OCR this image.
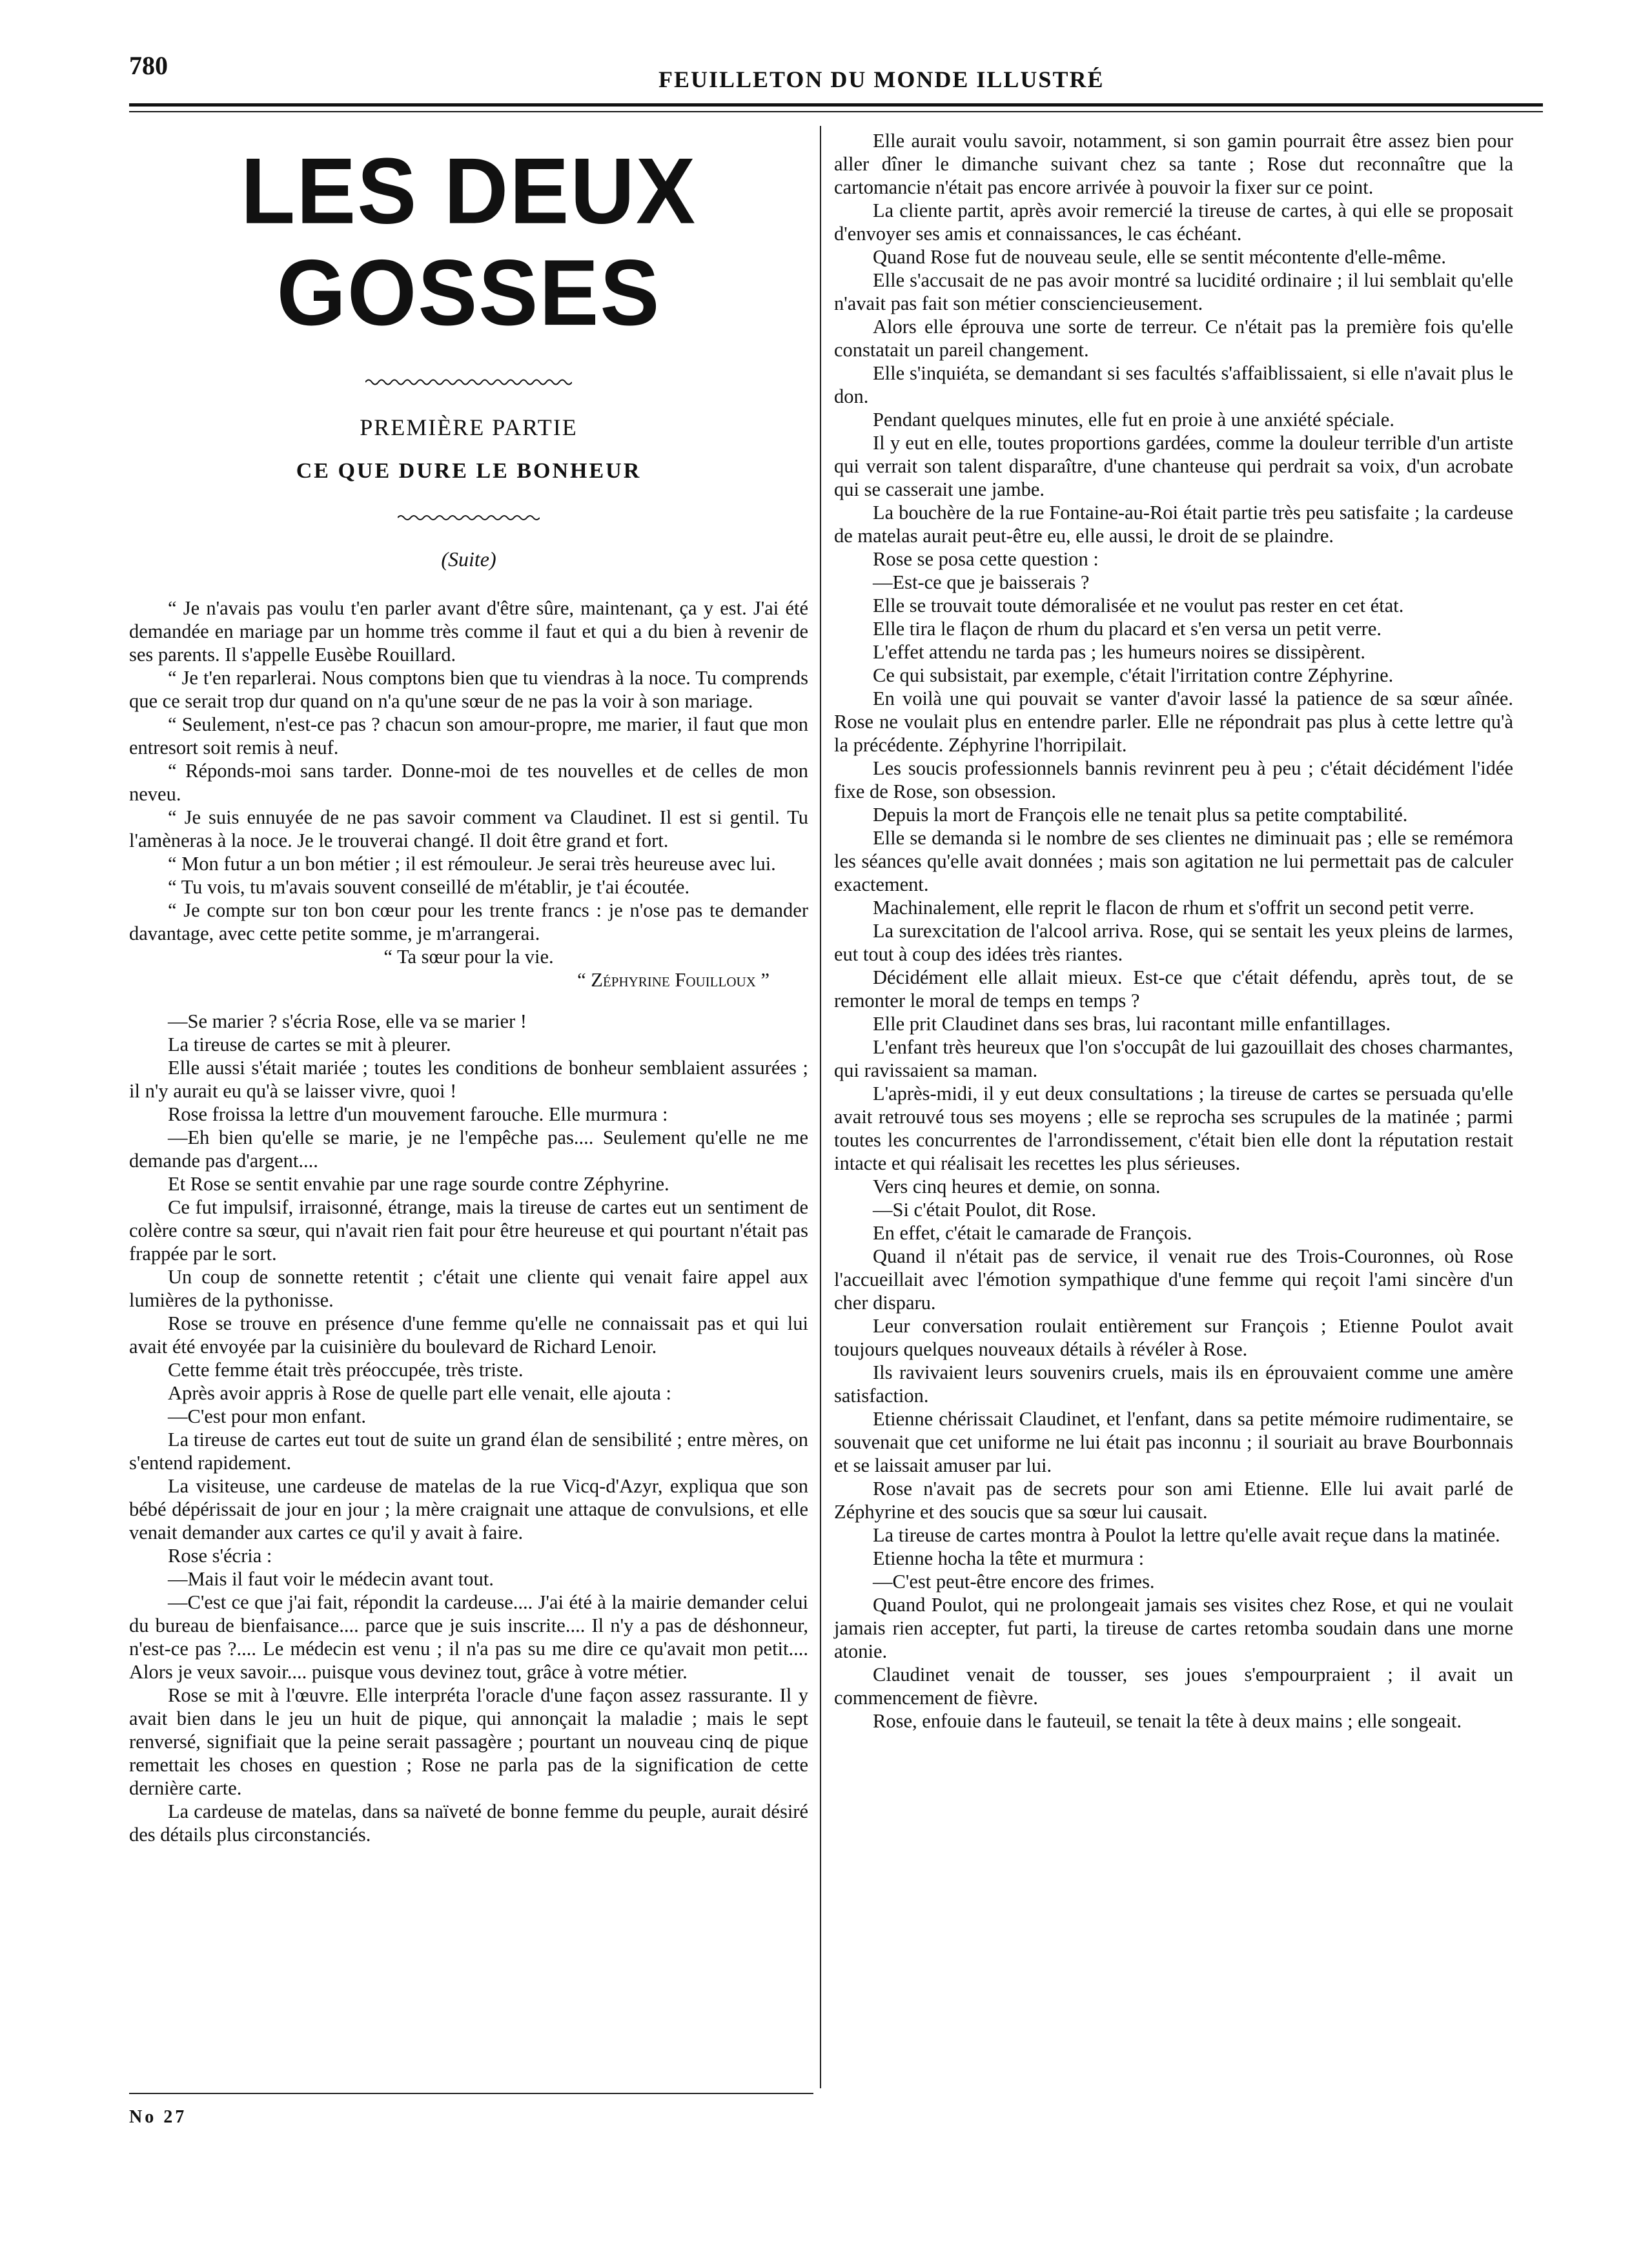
780	FEUILLETON DU MONDE ILLUSTRÉ
LES DEUX GOSSES
PREMIÈRE PARTIE
CE QUE DURE LE BONHEUR
(Suite)

“ Je n'avais pas voulu t'en parler avant d'être sûre, maintenant, ça y est. J'ai été demandée en mariage par un homme très comme il faut et qui a du bien à revenir de ses parents. Il s'appelle Eusèbe Rouillard.

“ Je t'en reparlerai. Nous comptons bien que tu viendras à la noce. Tu comprends que ce serait trop dur quand on n'a qu'une sœur de ne pas la voir à son mariage.

“ Seulement, n'est-ce pas ? chacun son amour-propre, me marier, il faut que mon entresort soit remis à neuf.

“ Réponds-moi sans tarder. Donne-moi de tes nouvelles et de celles de mon neveu.

“ Je suis ennuyée de ne pas savoir comment va Claudinet. Il est si gentil. Tu l'amèneras à la noce. Je le trouverai changé. Il doit être grand et fort.

“ Mon futur a un bon métier ; il est rémouleur. Je serai très heureuse avec lui.

“ Tu vois, tu m'avais souvent conseillé de m'établir, je t'ai écoutée.

“ Je compte sur ton bon cœur pour les trente francs : je n'ose pas te demander davantage, avec cette petite somme, je m'arrangerai.

“ Ta sœur pour la vie.

“ Zéphyrine Fouilloux ”

—Se marier ? s'écria Rose, elle va se marier !

La tireuse de cartes se mit à pleurer.

Elle aussi s'était mariée ; toutes les conditions de bonheur semblaient assurées ; il n'y aurait eu qu'à se laisser vivre, quoi !

Rose froissa la lettre d'un mouvement farouche. Elle murmura :

—Eh bien qu'elle se marie, je ne l'empêche pas.... Seulement qu'elle ne me demande pas d'argent....

Et Rose se sentit envahie par une rage sourde contre Zéphyrine.

Ce fut impulsif, irraisonné, étrange, mais la tireuse de cartes eut un sentiment de colère contre sa sœur, qui n'avait rien fait pour être heureuse et qui pourtant n'était pas frappée par le sort.

Un coup de sonnette retentit ; c'était une cliente qui venait faire appel aux lumières de la pythonisse.

Rose se trouve en présence d'une femme qu'elle ne connaissait pas et qui lui avait été envoyée par la cuisinière du boulevard de Richard Lenoir.

Cette femme était très préoccupée, très triste.

Après avoir appris à Rose de quelle part elle venait, elle ajouta :

—C'est pour mon enfant.

La tireuse de cartes eut tout de suite un grand élan de sensibilité ; entre mères, on s'entend rapidement.

La visiteuse, une cardeuse de matelas de la rue Vicq-d'Azyr, expliqua que son bébé dépérissait de jour en jour ; la mère craignait une attaque de convulsions, et elle venait demander aux cartes ce qu'il y avait à faire.

Rose s'écria :

—Mais il faut voir le médecin avant tout.

—C'est ce que j'ai fait, répondit la cardeuse.... J'ai été à la mairie demander celui du bureau de bienfaisance.... parce que je suis inscrite.... Il n'y a pas de déshonneur, n'est-ce pas ?.... Le médecin est venu ; il n'a pas su me dire ce qu'avait mon petit.... Alors je veux savoir.... puisque vous devinez tout, grâce à votre métier.

Rose se mit à l'œuvre. Elle interpréta l'oracle d'une façon assez rassurante. Il y avait bien dans le jeu un huit de pique, qui annonçait la maladie ; mais le sept renversé, signifiait que la peine serait passagère ; pourtant un nouveau cinq de pique remettait les choses en question ; Rose ne parla pas de la signification de cette dernière carte.

La cardeuse de matelas, dans sa naïveté de bonne femme du peuple, aurait désiré des détails plus circonstanciés.

Elle aurait voulu savoir, notamment, si son gamin pourrait être assez bien pour aller dîner le dimanche suivant chez sa tante ; Rose dut reconnaître que la cartomancie n'était pas encore arrivée à pouvoir la fixer sur ce point.

La cliente partit, après avoir remercié la tireuse de cartes, à qui elle se proposait d'envoyer ses amis et connaissances, le cas échéant.

Quand Rose fut de nouveau seule, elle se sentit mécontente d'elle-même.

Elle s'accusait de ne pas avoir montré sa lucidité ordinaire ; il lui semblait qu'elle n'avait pas fait son métier consciencieusement.

Alors elle éprouva une sorte de terreur. Ce n'était pas la première fois qu'elle constatait un pareil changement.

Elle s'inquiéta, se demandant si ses facultés s'affaiblissaient, si elle n'avait plus le don.

Pendant quelques minutes, elle fut en proie à une anxiété spéciale.

Il y eut en elle, toutes proportions gardées, comme la douleur terrible d'un artiste qui verrait son talent disparaître, d'une chanteuse qui perdrait sa voix, d'un acrobate qui se casserait une jambe.

La bouchère de la rue Fontaine-au-Roi était partie très peu satisfaite ; la cardeuse de matelas aurait peut-être eu, elle aussi, le droit de se plaindre.

Rose se posa cette question :

—Est-ce que je baisserais ?

Elle se trouvait toute démoralisée et ne voulut pas rester en cet état.

Elle tira le flaçon de rhum du placard et s'en versa un petit verre.

L'effet attendu ne tarda pas ; les humeurs noires se dissipèrent.

Ce qui subsistait, par exemple, c'était l'irritation contre Zéphyrine.

En voilà une qui pouvait se vanter d'avoir lassé la patience de sa sœur aînée. Rose ne voulait plus en entendre parler. Elle ne répondrait pas plus à cette lettre qu'à la précédente. Zéphyrine l'horripilait.

Les soucis professionnels bannis revinrent peu à peu ; c'était décidément l'idée fixe de Rose, son obsession.

Depuis la mort de François elle ne tenait plus sa petite comptabilité.

Elle se demanda si le nombre de ses clientes ne diminuait pas ; elle se remémora les séances qu'elle avait données ; mais son agitation ne lui permettait pas de calculer exactement.

Machinalement, elle reprit le flacon de rhum et s'offrit un second petit verre.

La surexcitation de l'alcool arriva. Rose, qui se sentait les yeux pleins de larmes, eut tout à coup des idées très riantes.

Décidément elle allait mieux. Est-ce que c'était défendu, après tout, de se remonter le moral de temps en temps ?

Elle prit Claudinet dans ses bras, lui racontant mille enfantillages.

L'enfant très heureux que l'on s'occupât de lui gazouillait des choses charmantes, qui ravissaient sa maman.

L'après-midi, il y eut deux consultations ; la tireuse de cartes se persuada qu'elle avait retrouvé tous ses moyens ; elle se reprocha ses scrupules de la matinée ; parmi toutes les concurrentes de l'arrondissement, c'était bien elle dont la réputation restait intacte et qui réalisait les recettes les plus sérieuses.

Vers cinq heures et demie, on sonna.

—Si c'était Poulot, dit Rose.

En effet, c'était le camarade de François.

Quand il n'était pas de service, il venait rue des Trois-Couronnes, où Rose l'accueillait avec l'émotion sympathique d'une femme qui reçoit l'ami sincère d'un cher disparu.

Leur conversation roulait entièrement sur François ; Etienne Poulot avait toujours quelques nouveaux détails à révéler à Rose.

Ils ravivaient leurs souvenirs cruels, mais ils en éprouvaient comme une amère satisfaction.

Etienne chérissait Claudinet, et l'enfant, dans sa petite mémoire rudimentaire, se souvenait que cet uniforme ne lui était pas inconnu ; il souriait au brave Bourbonnais et se laissait amuser par lui.

Rose n'avait pas de secrets pour son ami Etienne. Elle lui avait parlé de Zéphyrine et des soucis que sa sœur lui causait.

La tireuse de cartes montra à Poulot la lettre qu'elle avait reçue dans la matinée.

Etienne hocha la tête et murmura :

—C'est peut-être encore des frimes.

Quand Poulot, qui ne prolongeait jamais ses visites chez Rose, et qui ne voulait jamais rien accepter, fut parti, la tireuse de cartes retomba soudain dans une morne atonie.

Claudinet venait de tousser, ses joues s'empourpraient ; il avait un commencement de fièvre.

Rose, enfouie dans le fauteuil, se tenait la tête à deux mains ; elle songeait.

No 27
